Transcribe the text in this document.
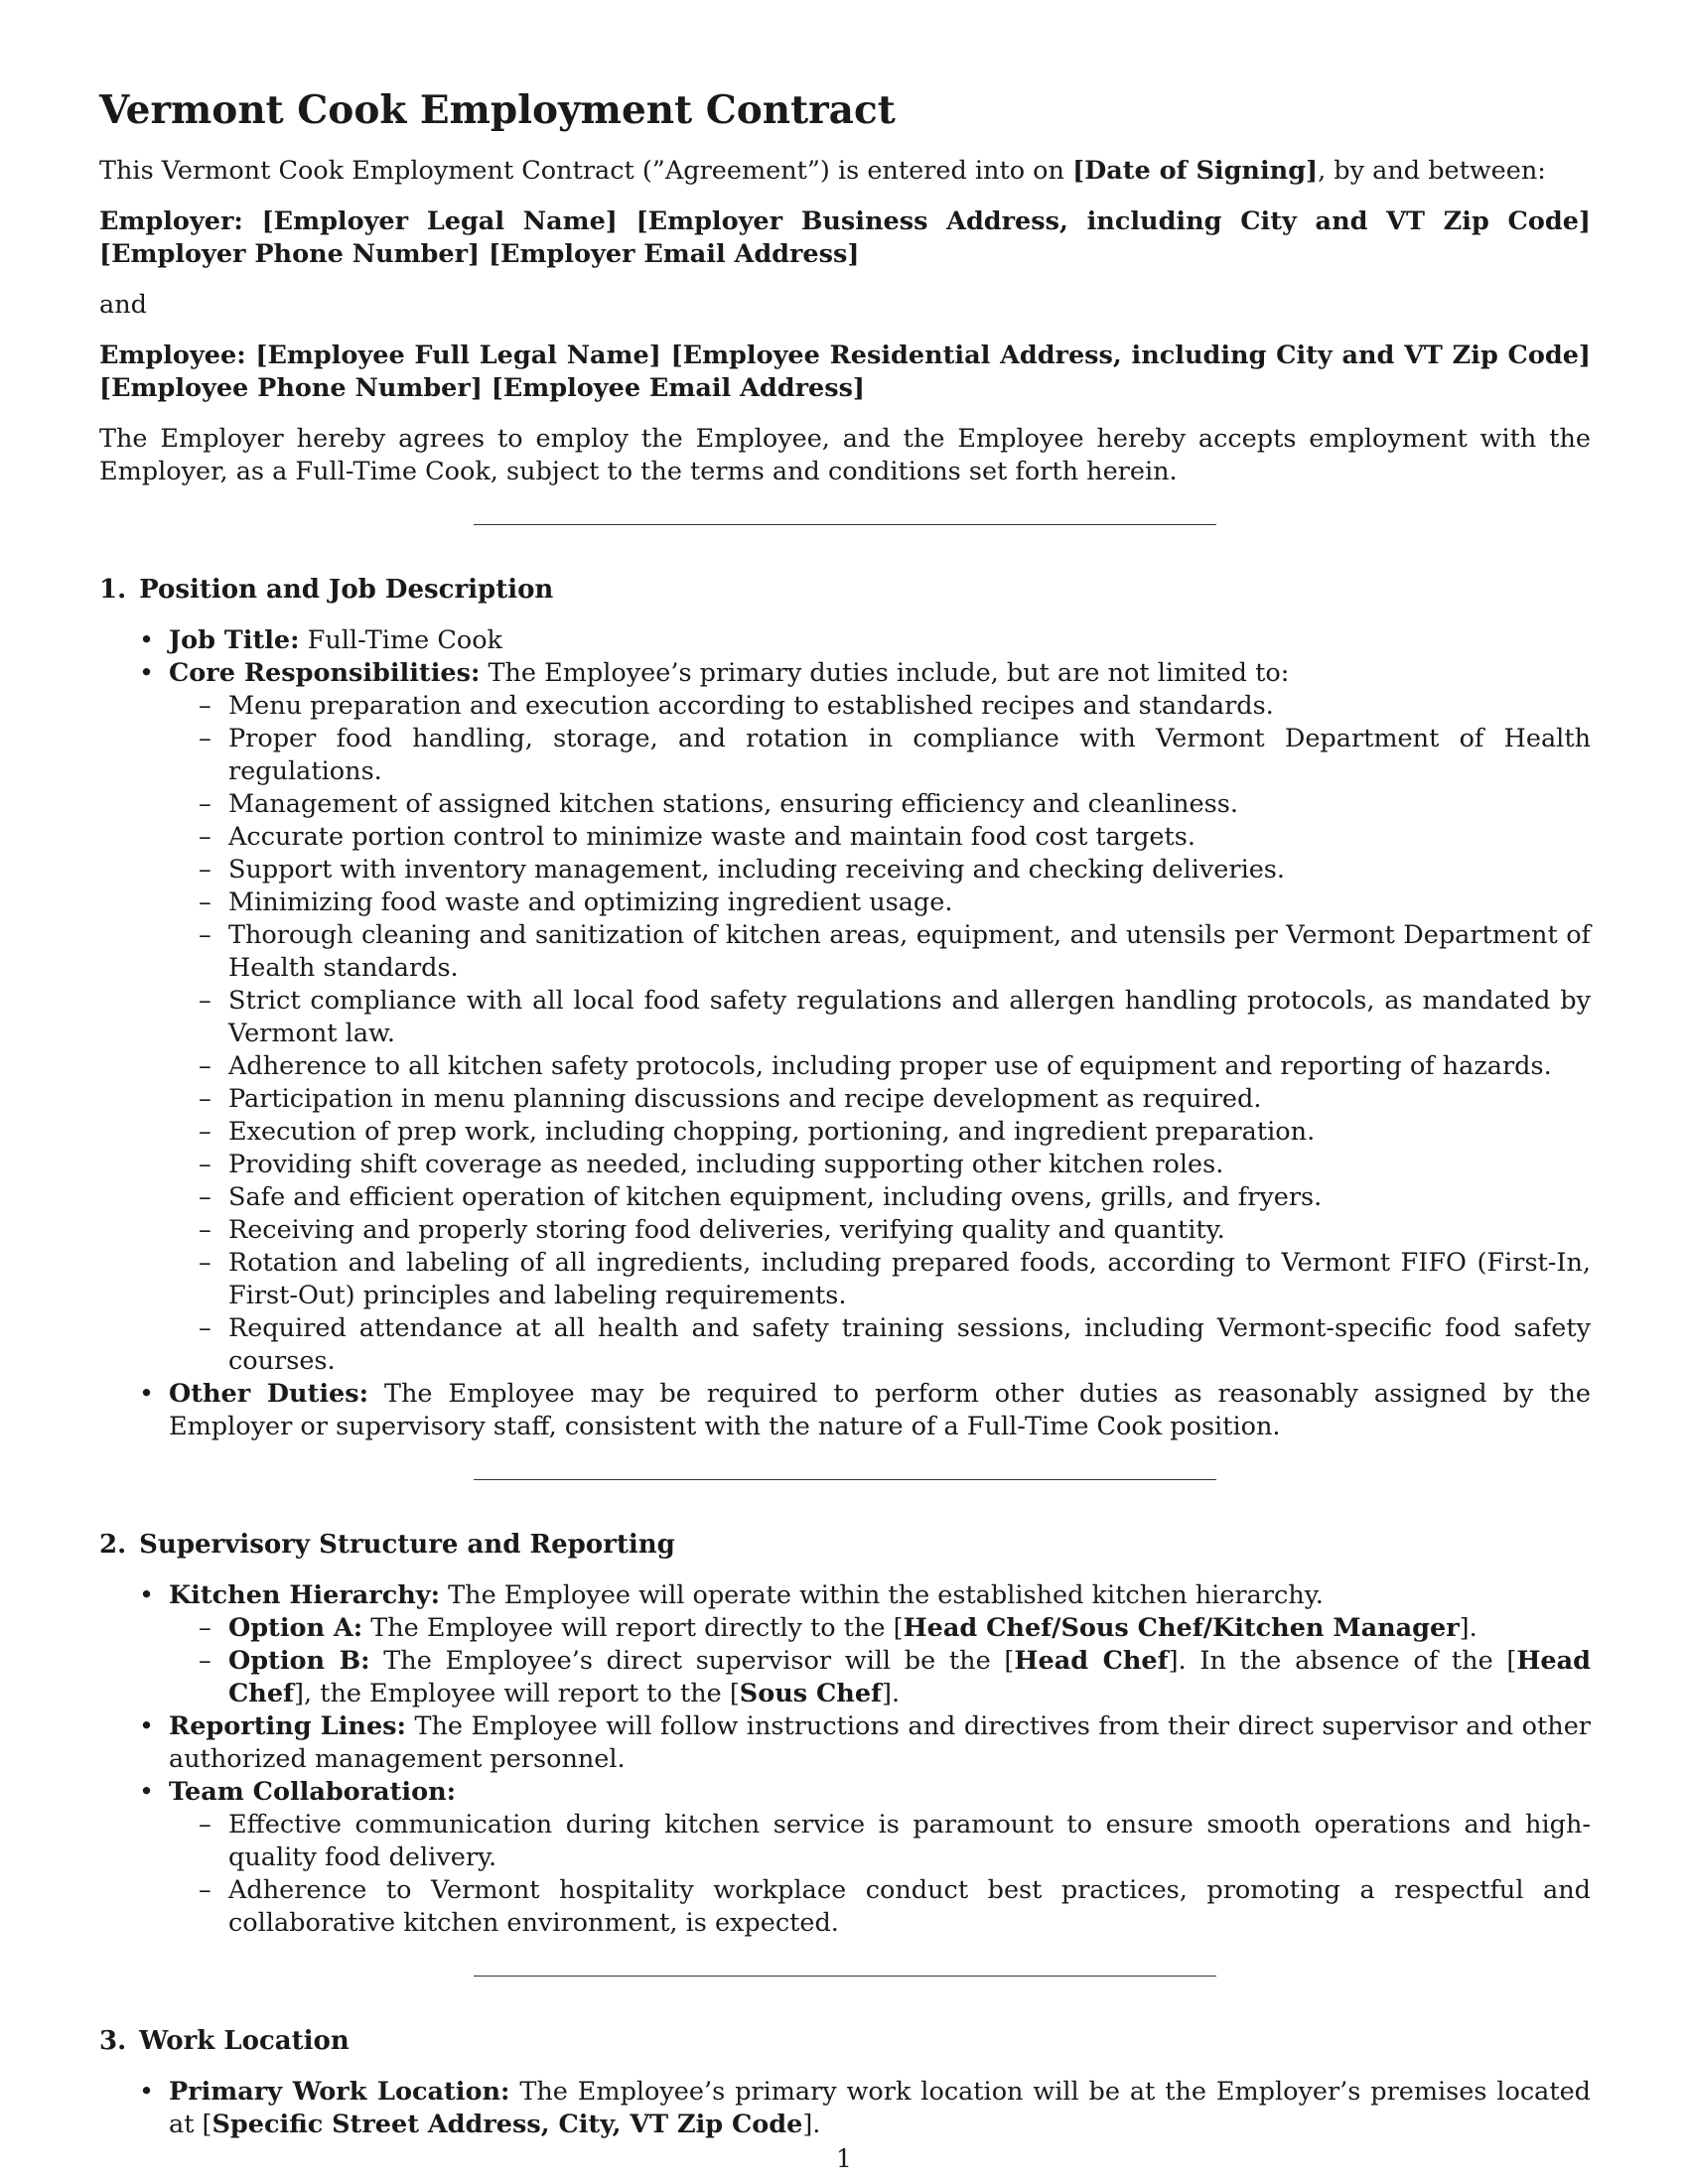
Vermont Cook Employment Contract

This Vermont Cook Employment Contract (”Agreement”) is entered into on [Date of Signing], by and between:

Employer: [Employer Legal Name] [Employer Business Address, including City and VT Zip Code] [Employer Phone Number] [Employer Email Address]

and

Employee: [Employee Full Legal Name] [Employee Residential Address, including City and VT Zip Code] [Employee Phone Number] [Employee Email Address]

The Employer hereby agrees to employ the Employee, and the Employee hereby accepts employment with the Employer, as a Full-Time Cook, subject to the terms and conditions set forth herein.

1. Position and Job Description
• Job Title: Full-Time Cook
• Core Responsibilities: The Employee’s primary duties include, but are not limited to:
– Menu preparation and execution according to established recipes and standards.
– Proper food handling, storage, and rotation in compliance with Vermont Department of Health regulations.
– Management of assigned kitchen stations, ensuring efficiency and cleanliness.
– Accurate portion control to minimize waste and maintain food cost targets.
– Support with inventory management, including receiving and checking deliveries.
– Minimizing food waste and optimizing ingredient usage.
– Thorough cleaning and sanitization of kitchen areas, equipment, and utensils per Vermont Department of Health standards.
– Strict compliance with all local food safety regulations and allergen handling protocols, as mandated by Vermont law.
– Adherence to all kitchen safety protocols, including proper use of equipment and reporting of hazards.
– Participation in menu planning discussions and recipe development as required.
– Execution of prep work, including chopping, portioning, and ingredient preparation.
– Providing shift coverage as needed, including supporting other kitchen roles.
– Safe and efficient operation of kitchen equipment, including ovens, grills, and fryers.
– Receiving and properly storing food deliveries, verifying quality and quantity.
– Rotation and labeling of all ingredients, including prepared foods, according to Vermont FIFO (First-In, First-Out) principles and labeling requirements.
– Required attendance at all health and safety training sessions, including Vermont-specific food safety courses.
• Other Duties: The Employee may be required to perform other duties as reasonably assigned by the Employer or supervisory staff, consistent with the nature of a Full-Time Cook position.
2. Supervisory Structure and Reporting
• Kitchen Hierarchy: The Employee will operate within the established kitchen hierarchy.
– Option A: The Employee will report directly to the [Head Chef/Sous Chef/Kitchen Manager].
– Option B: The Employee’s direct supervisor will be the [Head Chef]. In the absence of the [Head Chef], the Employee will report to the [Sous Chef].
• Reporting Lines: The Employee will follow instructions and directives from their direct supervisor and other authorized management personnel.
• Team Collaboration:
– Effective communication during kitchen service is paramount to ensure smooth operations and high-quality food delivery.
– Adherence to Vermont hospitality workplace conduct best practices, promoting a respectful and collaborative kitchen environment, is expected.
3. Work Location
• Primary Work Location: The Employee’s primary work location will be at the Employer’s premises located at [Specific Street Address, City, VT Zip Code].
1
